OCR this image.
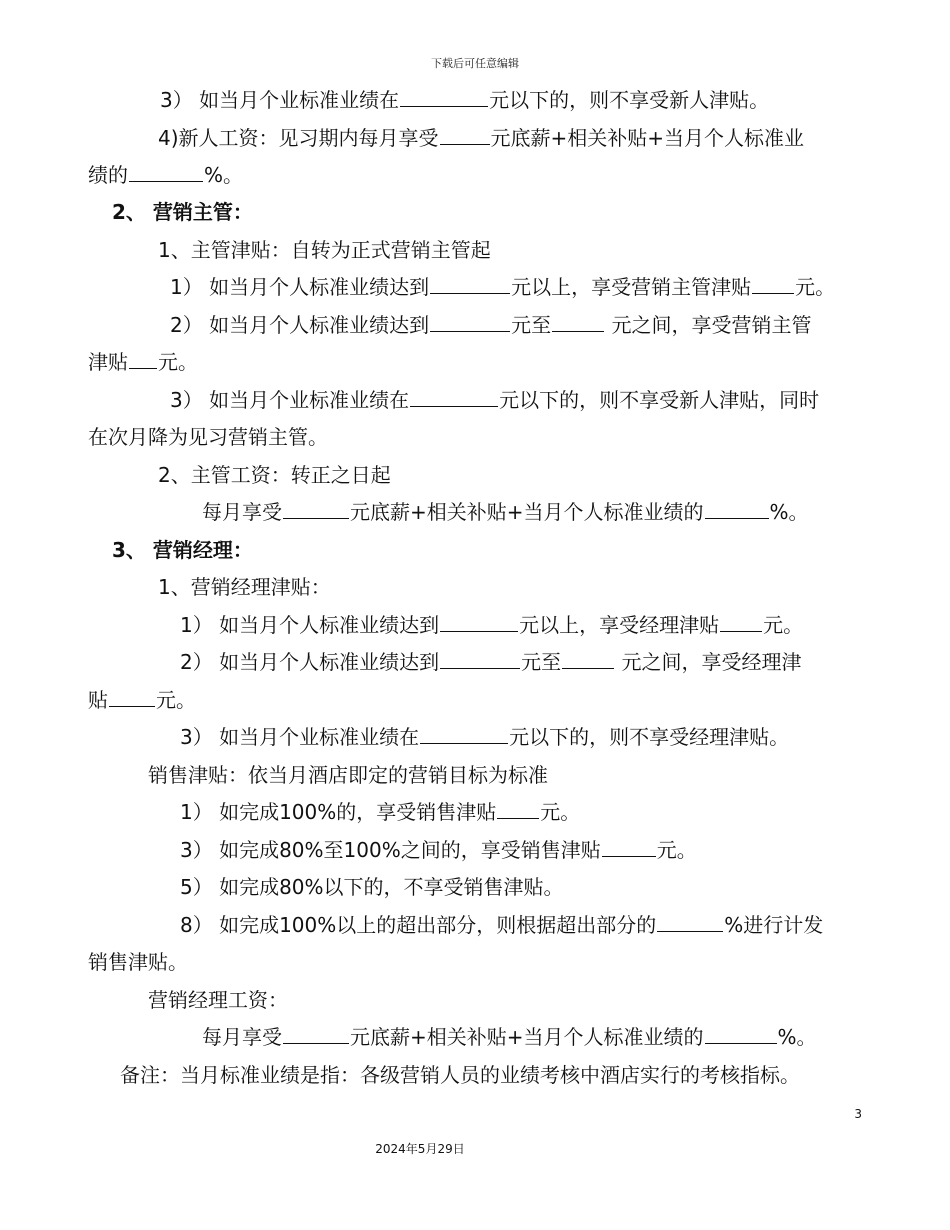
下载后可任意编辑
3） 如当月个业标准业绩在	元以下的，则不享受新人津贴。
4)新人工资：见习期内每月享受	元底薪+相关补贴+当月个人标准业
绩的	%。
2、 营销主管：
1、主管津贴：自转为正式营销主管起
1） 如当月个人标准业绩达到	元以上，享受营销主管津贴 元。
2） 如当月个人标准业绩达到	元至	元之间，享受营销主管
津贴 元。
3） 如当月个业标准业绩在	元以下的，则不享受新人津贴，同时
在次月降为见习营销主管。
2、主管工资：转正之日起
每月享受	元底薪+相关补贴+当月个人标准业绩的	%。
3、 营销经理：
1、营销经理津贴：
1） 如当月个人标准业绩达到	元以上，享受经理津贴 元。
2） 如当月个人标准业绩达到	元至	元之间，享受经理津
贴 元。
3） 如当月个业标准业绩在	元以下的，则不享受经理津贴。
销售津贴：依当月酒店即定的营销目标为标准
1） 如完成100%的，享受销售津贴 元。
3） 如完成80%至100%之间的，享受销售津贴	元。
5） 如完成80%以下的，不享受销售津贴。
8） 如完成100%以上的超出部分，则根据超出部分的	%进行计发
销售津贴。
营销经理工资：
每月享受	元底薪+相关补贴+当月个人标准业绩的	%。
备注：当月标准业绩是指：各级营销人员的业绩考核中酒店实行的考核指标。
3
2024年5月29日
